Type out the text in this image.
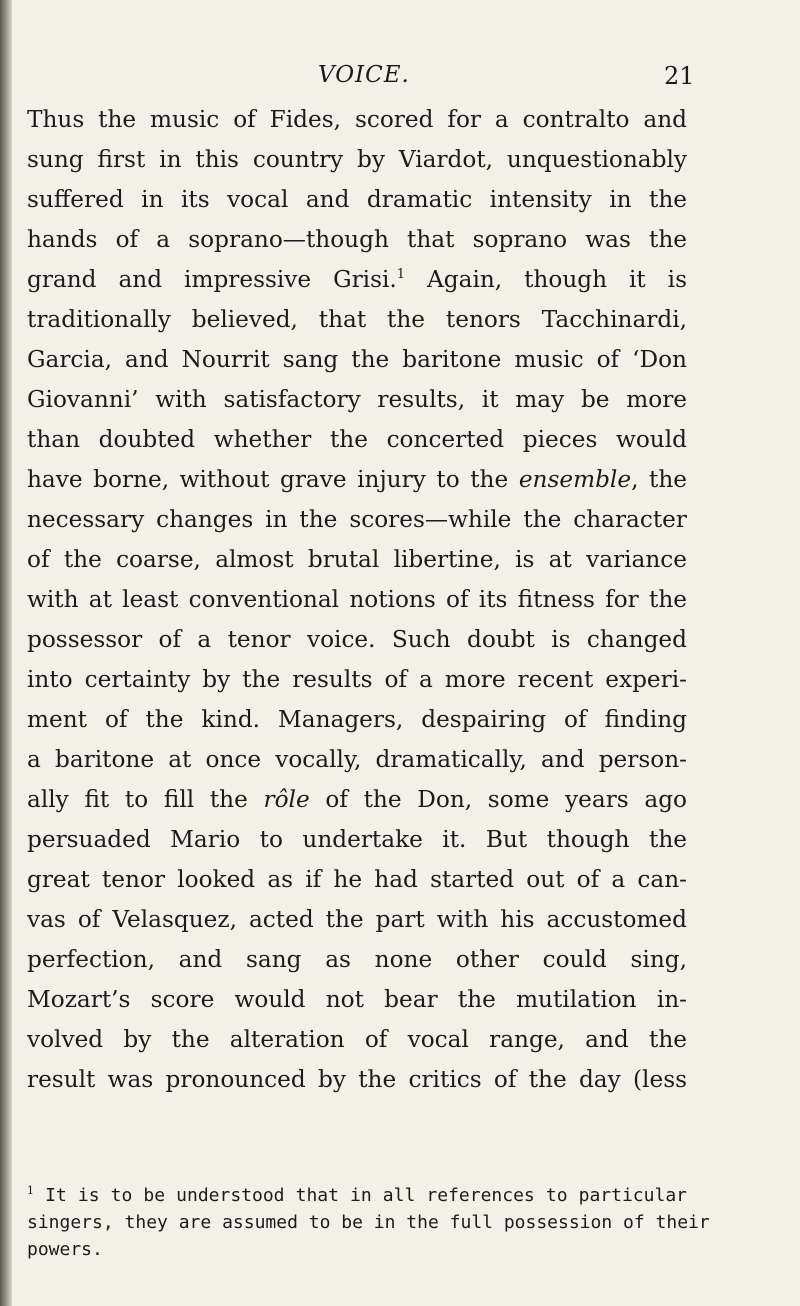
VOICE.	21
Thus the music of Fides, scored for a contralto and
sung first in this country by Viardot, unquestionably
suffered in its vocal and dramatic intensity in the
hands of a soprano—though that soprano was the
grand and impressive Grisi.$^1$ Again, though it is
traditionally believed, that the tenors Tacchinardi,
Garcia, and Nourrit sang the baritone music of ‘Don
Giovanni’ with satisfactory results, it may be more
than doubted whether the concerted pieces would
have borne, without grave injury to the ensemble, the
necessary changes in the scores—while the character
of the coarse, almost brutal libertine, is at variance
with at least conventional notions of its fitness for the
possessor of a tenor voice. Such doubt is changed
into certainty by the results of a more recent experi-
ment of the kind. Managers, despairing of finding
a baritone at once vocally, dramatically, and person-
ally fit to fill the rôle of the Don, some years ago
persuaded Mario to undertake it. But though the
great tenor looked as if he had started out of a can-
vas of Velasquez, acted the part with his accustomed
perfection, and sang as none other could sing,
Mozart’s score would not bear the mutilation in-
volved by the alteration of vocal range, and the
result was pronounced by the critics of the day (less
$^1$ It is to be understood that in all references to particular
singers, they are assumed to be in the full possession of their
powers.
